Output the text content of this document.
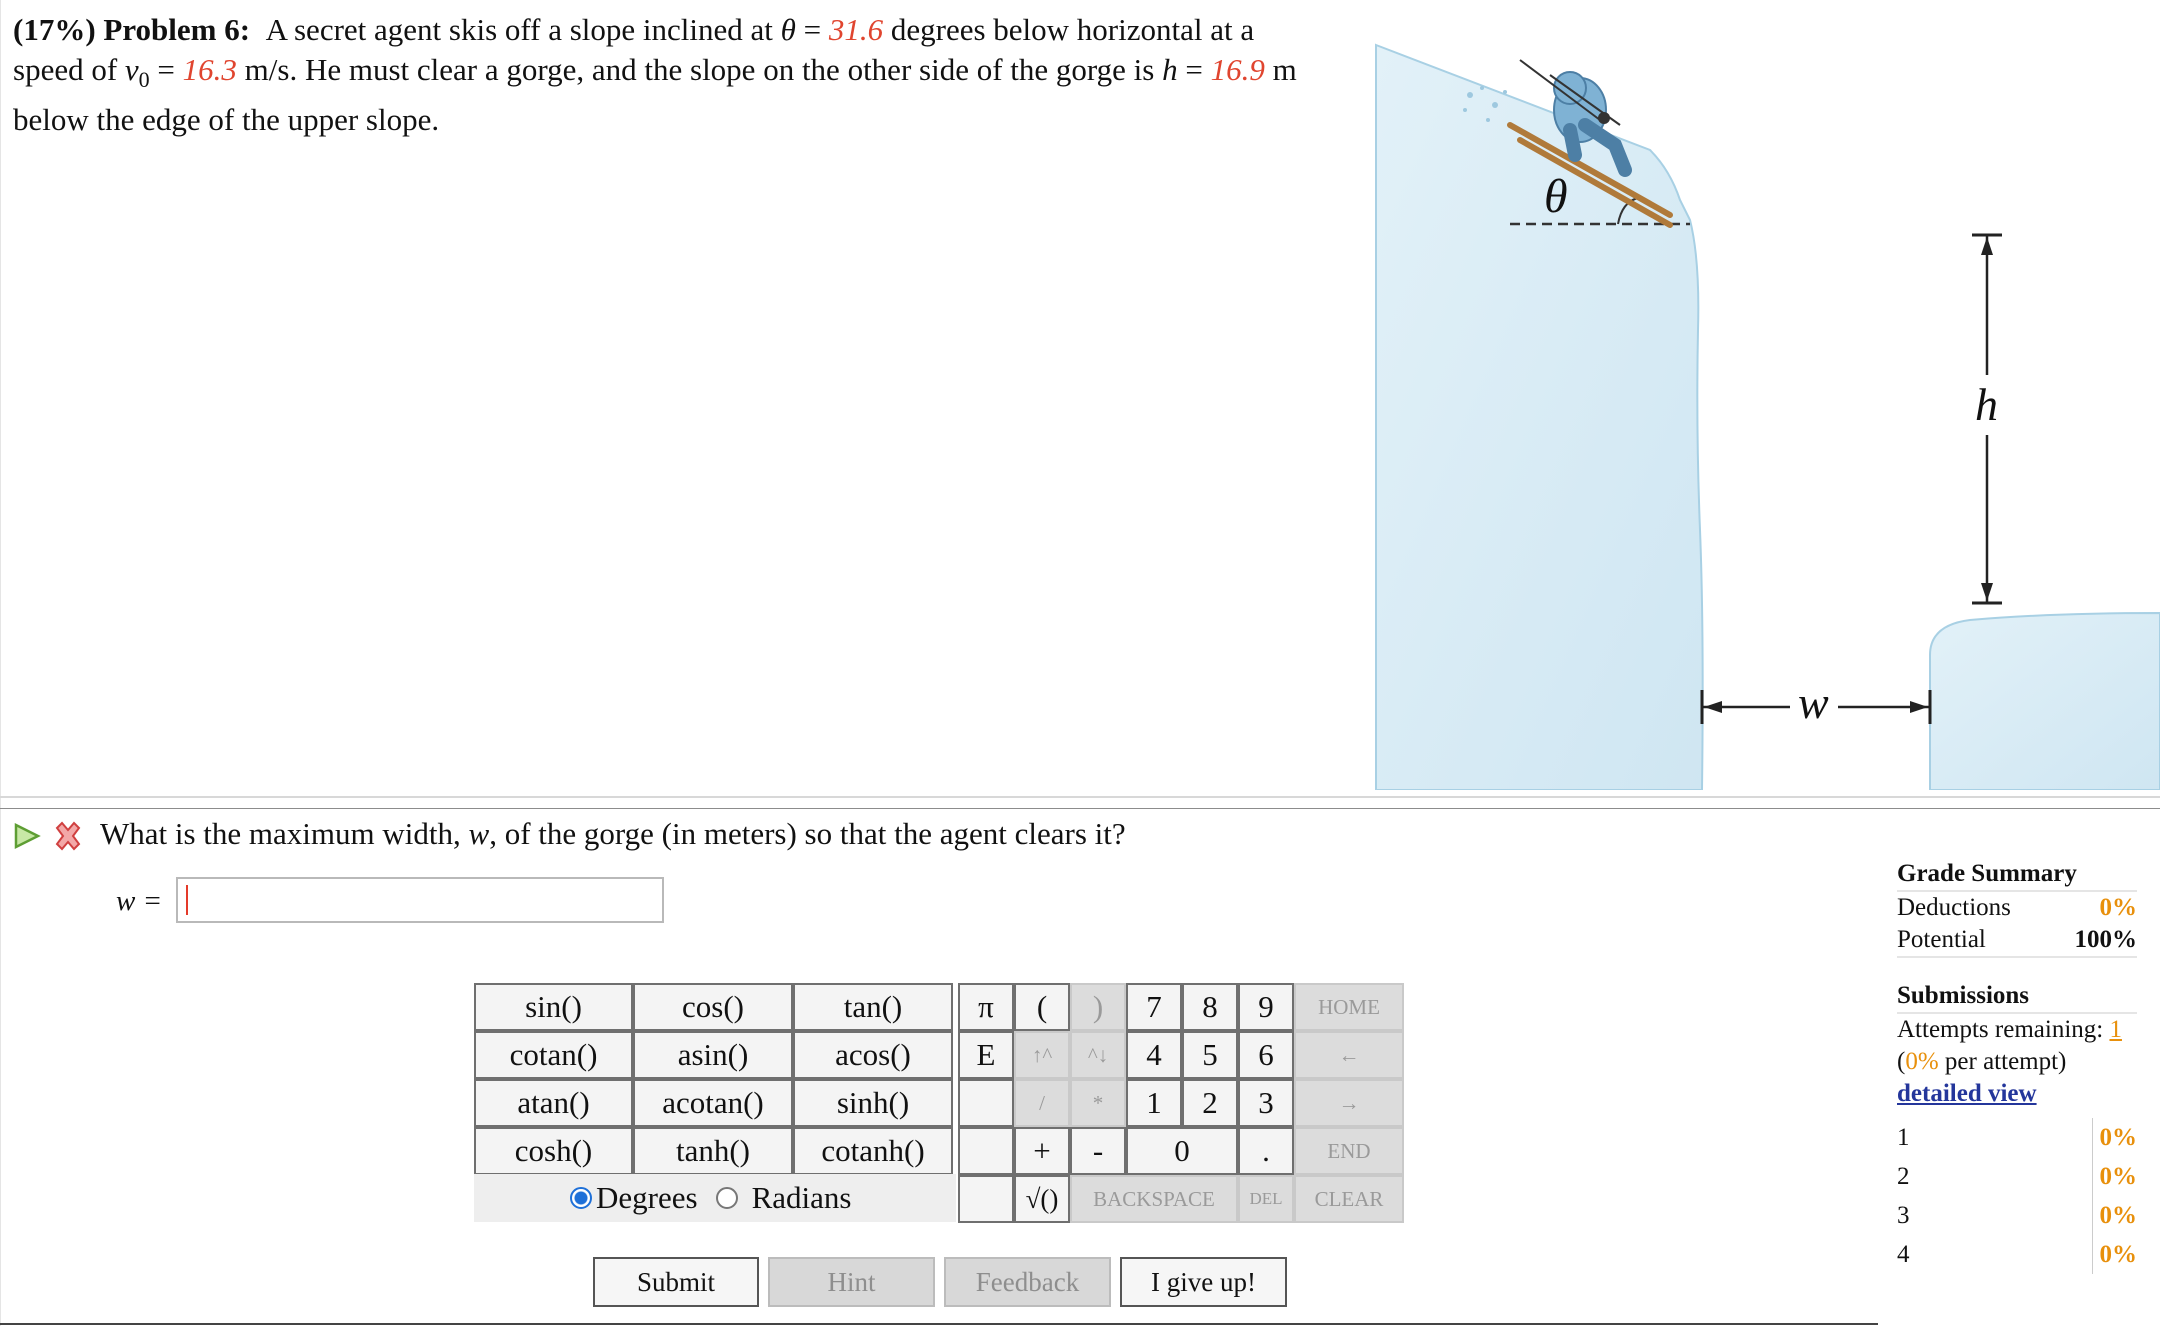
(17%) Problem 6: A secret agent skis off a slope inclined at θ = 31.6 degrees below horizontal at a
speed of $v_0 = 16.3$ m/s. He must clear a gorge, and the slope on the other side of the gorge is h = 16.9 m
below the edge of the upper slope.
θ
h
w
What is the maximum width, w, of the gorge (in meters) so that the agent clears it?
w =
sin()	cos()	tan()
cotan()	asin()	acos()
atan()	acotan()	sinh()
cosh()	tanh()	cotanh()
Degrees Radians
π	(	)
E	↑^	^↓
/	*
+	-
√()
7	8	9
4	5	6
1	2	3
0	.
BACKSPACE	DEL
HOME
←
→
END
CLEAR
Submit	Hint	Feedback	I give up!
Grade Summary
Deductions	0%
Potential	100%
Submissions
Attempts remaining: 1
(0% per attempt)
detailed view
1	0%
2	0%
3	0%
4	0%
